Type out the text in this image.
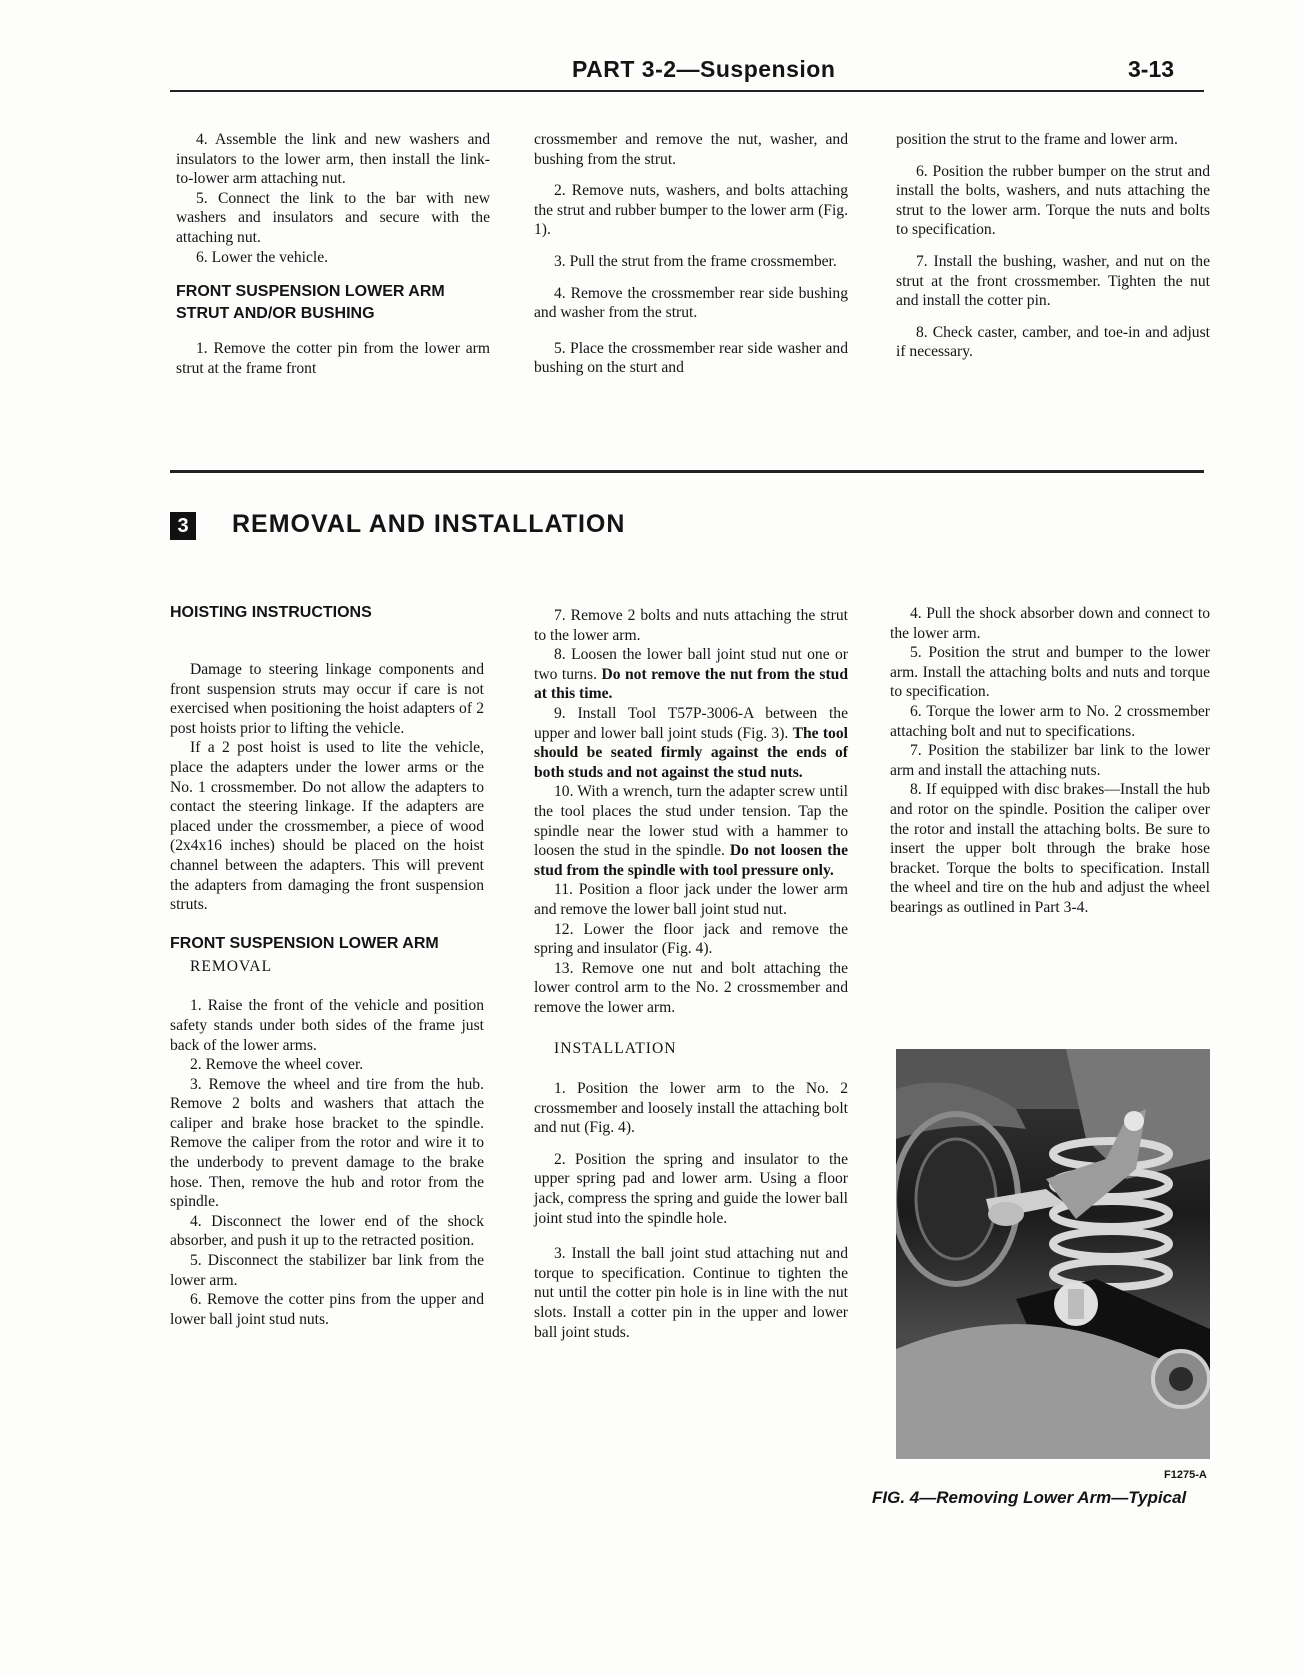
PART 3-2—Suspension	3-13

4. Assemble the link and new washers and insulators to the lower arm, then install the link-to-lower arm attaching nut.

5. Connect the link to the bar with new washers and insulators and secure with the attaching nut.

6. Lower the vehicle.

FRONT SUSPENSION LOWER ARM STRUT AND/OR BUSHING

1. Remove the cotter pin from the lower arm strut at the frame front

crossmember and remove the nut, washer, and bushing from the strut.

2. Remove nuts, washers, and bolts attaching the strut and rubber bumper to the lower arm (Fig. 1).

3. Pull the strut from the frame crossmember.

4. Remove the crossmember rear side bushing and washer from the strut.

5. Place the crossmember rear side washer and bushing on the sturt and

position the strut to the frame and lower arm.

6. Position the rubber bumper on the strut and install the bolts, washers, and nuts attaching the strut to the lower arm. Torque the nuts and bolts to specification.

7. Install the bushing, washer, and nut on the strut at the front crossmember. Tighten the nut and install the cotter pin.

8. Check caster, camber, and toe-in and adjust if necessary.

3 REMOVAL AND INSTALLATION

HOISTING INSTRUCTIONS

Damage to steering linkage components and front suspension struts may occur if care is not exercised when positioning the hoist adapters of 2 post hoists prior to lifting the vehicle.

If a 2 post hoist is used to lite the vehicle, place the adapters under the lower arms or the No. 1 crossmember. Do not allow the adapters to contact the steering linkage. If the adapters are placed under the crossmember, a piece of wood (2x4x16 inches) should be placed on the hoist channel between the adapters. This will prevent the adapters from damaging the front suspension struts.

FRONT SUSPENSION LOWER ARM

REMOVAL

1. Raise the front of the vehicle and position safety stands under both sides of the frame just back of the lower arms.

2. Remove the wheel cover.

3. Remove the wheel and tire from the hub. Remove 2 bolts and washers that attach the caliper and brake hose bracket to the spindle. Remove the caliper from the rotor and wire it to the underbody to prevent damage to the brake hose. Then, remove the hub and rotor from the spindle.

4. Disconnect the lower end of the shock absorber, and push it up to the retracted position.

5. Disconnect the stabilizer bar link from the lower arm.

6. Remove the cotter pins from the upper and lower ball joint stud nuts.

7. Remove 2 bolts and nuts attaching the strut to the lower arm.

8. Loosen the lower ball joint stud nut one or two turns. Do not remove the nut from the stud at this time.

9. Install Tool T57P-3006-A between the upper and lower ball joint studs (Fig. 3). The tool should be seated firmly against the ends of both studs and not against the stud nuts.

10. With a wrench, turn the adapter screw until the tool places the stud under tension. Tap the spindle near the lower stud with a hammer to loosen the stud in the spindle. Do not loosen the stud from the spindle with tool pressure only.

11. Position a floor jack under the lower arm and remove the lower ball joint stud nut.

12. Lower the floor jack and remove the spring and insulator (Fig. 4).

13. Remove one nut and bolt attaching the lower control arm to the No. 2 crossmember and remove the lower arm.

INSTALLATION

1. Position the lower arm to the No. 2 crossmember and loosely install the attaching bolt and nut (Fig. 4).

2. Position the spring and insulator to the upper spring pad and lower arm. Using a floor jack, compress the spring and guide the lower ball joint stud into the spindle hole.

3. Install the ball joint stud attaching nut and torque to specification. Continue to tighten the nut until the cotter pin hole is in line with the nut slots. Install a cotter pin in the upper and lower ball joint studs.

4. Pull the shock absorber down and connect to the lower arm.

5. Position the strut and bumper to the lower arm. Install the attaching bolts and nuts and torque to specification.

6. Torque the lower arm to No. 2 crossmember attaching bolt and nut to specifications.

7. Position the stabilizer bar link to the lower arm and install the attaching nuts.

8. If equipped with disc brakes—Install the hub and rotor on the spindle. Position the caliper over the rotor and install the attaching bolts. Be sure to insert the upper bolt through the brake hose bracket. Torque the bolts to specification. Install the wheel and tire on the hub and adjust the wheel bearings as outlined in Part 3-4.

F1275-A
FIG. 4—Removing Lower Arm—Typical
